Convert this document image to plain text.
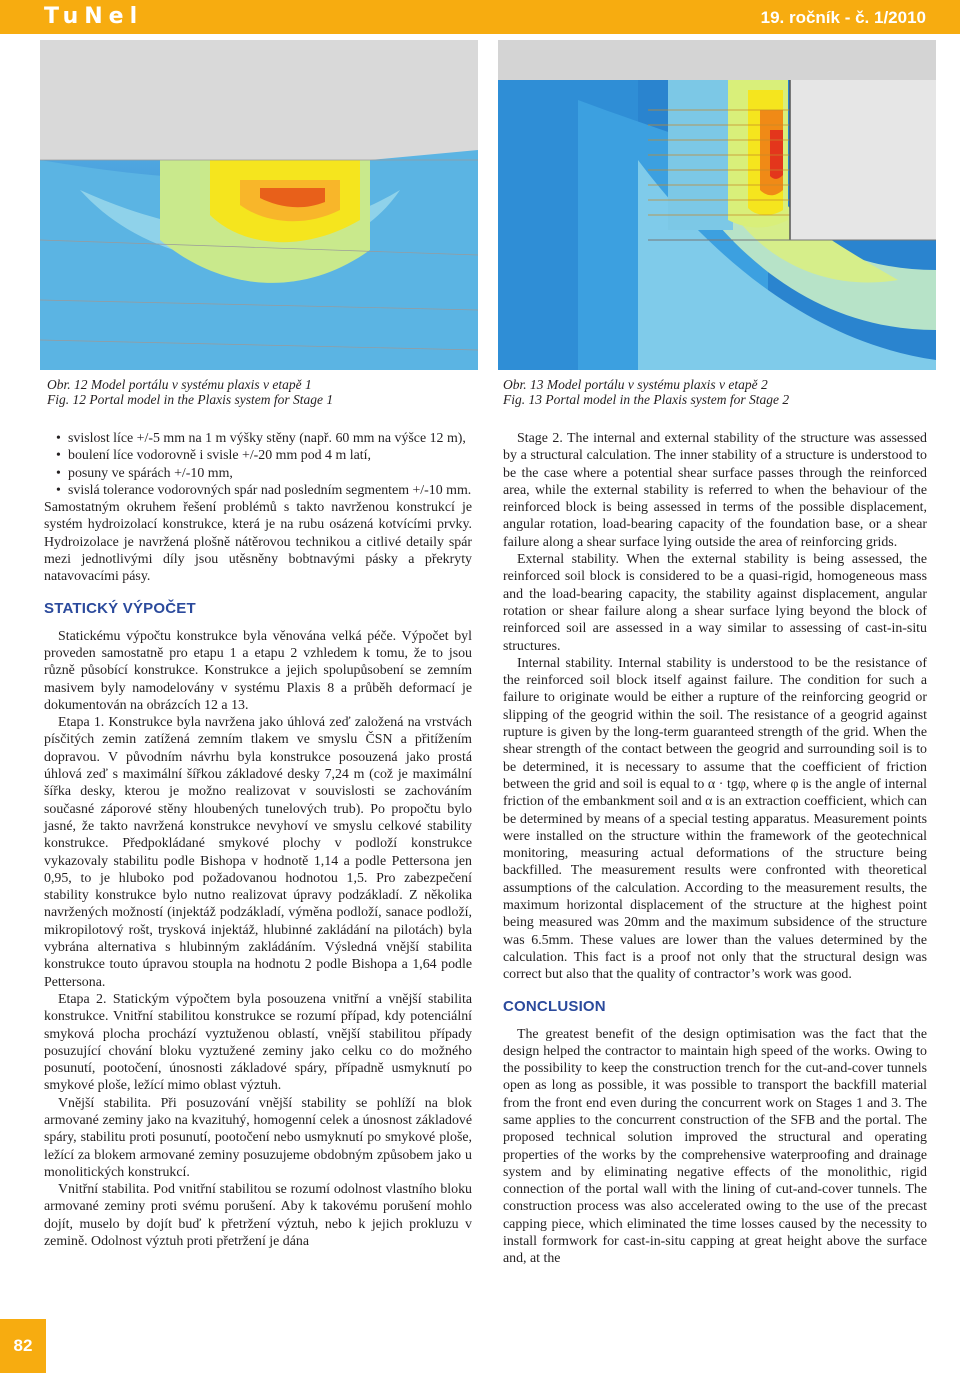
TuNel	19. ročník - č. 1/2010
Obr. 12 Model portálu v systému plaxis v etapě 1
Fig. 12 Portal model in the Plaxis system for Stage 1
Obr. 13 Model portálu v systému plaxis v etapě 2
Fig. 13 Portal model in the Plaxis system for Stage 2
• svislost líce +/-5 mm na 1 m výšky stěny (např. 60 mm na výšce 12 m),
• boulení líce vodorovně i svisle +/-20 mm pod 4 m latí,
• posuny ve spárách +/-10 mm,
• svislá tolerance vodorovných spár nad posledním segmentem +/-10 mm.

Samostatným okruhem řešení problémů s takto navrženou konstrukcí je systém hydroizolací konstrukce, která je na rubu osázená kotvícími prvky. Hydroizolace je navržená plošně nátěrovou technikou a citlivé detaily spár mezi jednotlivými díly jsou utěsněny bobtnavými pásky a překryty natavovacími pásy.

STATICKÝ VÝPOČET

Statickému výpočtu konstrukce byla věnována velká péče. Výpočet byl proveden samostatně pro etapu 1 a etapu 2 vzhledem k tomu, že to jsou různě působící konstrukce. Konstrukce a jejich spolupůsobení se zemním masivem byly namodelovány v systému Plaxis 8 a průběh deformací je dokumentován na obrázcích 12 a 13.

Etapa 1. Konstrukce byla navržena jako úhlová zeď založená na vrstvách písčitých zemin zatížená zemním tlakem ve smyslu ČSN a přitížením dopravou. V původním návrhu byla konstrukce posouzená jako prostá úhlová zeď s maximální šířkou základové desky 7,24 m (což je maximální šířka desky, kterou je možno realizovat v souvislosti se zachováním současné záporové stěny hloubených tunelových trub). Po propočtu bylo jasné, že takto navržená konstrukce nevyhoví ve smyslu celkové stability konstrukce. Předpokládané smykové plochy v podloží konstrukce vykazovaly stabilitu podle Bishopa v hodnotě 1,14 a podle Pettersona jen 0,95, to je hluboko pod požadovanou hodnotou 1,5. Pro zabezpečení stability konstrukce bylo nutno realizovat úpravy podzákladí. Z několika navržených možností (injektáž podzákladí, výměna podloží, sanace podloží, mikropilotový rošt, trysková injektáž, hlubinné zakládání na pilotách) byla vybrána alternativa s hlubinným zakládáním. Výsledná vnější stabilita konstrukce touto úpravou stoupla na hodnotu 2 podle Bishopa a 1,64 podle Pettersona.

Etapa 2. Statickým výpočtem byla posouzena vnitřní a vnější stabilita konstrukce. Vnitřní stabilitou konstrukce se rozumí případ, kdy potenciální smyková plocha prochází vyztuženou oblastí, vnější stabilitou případy posuzující chování bloku vyztužené zeminy jako celku co do možného posunutí, pootočení, únosnosti základové spáry, případně usmyknutí po smykové ploše, ležící mimo oblast výztuh.

Vnější stabilita. Při posuzování vnější stability se pohlíží na blok armované zeminy jako na kvazituhý, homogenní celek a únosnost základové spáry, stabilitu proti posunutí, pootočení nebo usmyknutí po smykové ploše, ležící za blokem armované zeminy posuzujeme obdobným způsobem jako u monolitických konstrukcí.

Vnitřní stabilita. Pod vnitřní stabilitou se rozumí odolnost vlastního bloku armované zeminy proti svému porušení. Aby k takovému porušení mohlo dojít, muselo by dojít buď k přetržení výztuh, nebo k jejich prokluzu v zemině. Odolnost výztuh proti přetržení je dána

Stage 2. The internal and external stability of the structure was assessed by a structural calculation. The inner stability of a structure is understood to be the case where a potential shear surface passes through the reinforced area, while the external stability is referred to when the behaviour of the reinforced block is being assessed in terms of the possible displacement, angular rotation, load-bearing capacity of the foundation base, or a shear failure along a shear surface lying outside the area of reinforcing grids.

External stability. When the external stability is being assessed, the reinforced soil block is considered to be a quasi-rigid, homogeneous mass and the load-bearing capacity, the stability against displacement, angular rotation or shear failure along a shear surface lying beyond the block of reinforced soil are assessed in a way similar to assessing of cast-in-situ structures.

Internal stability. Internal stability is understood to be the resistance of the reinforced soil block itself against failure. The condition for such a failure to originate would be either a rupture of the reinforcing geogrid or slipping of the geogrid within the soil. The resistance of a geogrid against rupture is given by the long-term guaranteed strength of the grid. When the shear strength of the contact between the geogrid and surrounding soil is to be determined, it is necessary to assume that the coefficient of friction between the grid and soil is equal to α · tgφ, where φ is the angle of internal friction of the embankment soil and α is an extraction coefficient, which can be determined by means of a special testing apparatus. Measurement points were installed on the structure within the framework of the geotechnical monitoring, measuring actual deformations of the structure being backfilled. The measurement results were confronted with theoretical assumptions of the calculation. According to the measurement results, the maximum horizontal displacement of the structure at the highest point being measured was 20mm and the maximum subsidence of the structure was 6.5mm. These values are lower than the values determined by the calculation. This fact is a proof not only that the structural design was correct but also that the quality of contractor’s work was good.

CONCLUSION

The greatest benefit of the design optimisation was the fact that the design helped the contractor to maintain high speed of the works. Owing to the possibility to keep the construction trench for the cut-and-cover tunnels open as long as possible, it was possible to transport the backfill material from the front end even during the concurrent work on Stages 1 and 3. The same applies to the concurrent construction of the SFB and the portal. The proposed technical solution improved the structural and operating properties of the works by the comprehensive waterproofing and drainage system and by eliminating negative effects of the monolithic, rigid connection of the portal wall with the lining of cut-and-cover tunnels. The construction process was also accelerated owing to the use of the precast capping piece, which eliminated the time losses caused by the necessity to install formwork for cast-in-situ capping at great height above the surface and, at the

82
